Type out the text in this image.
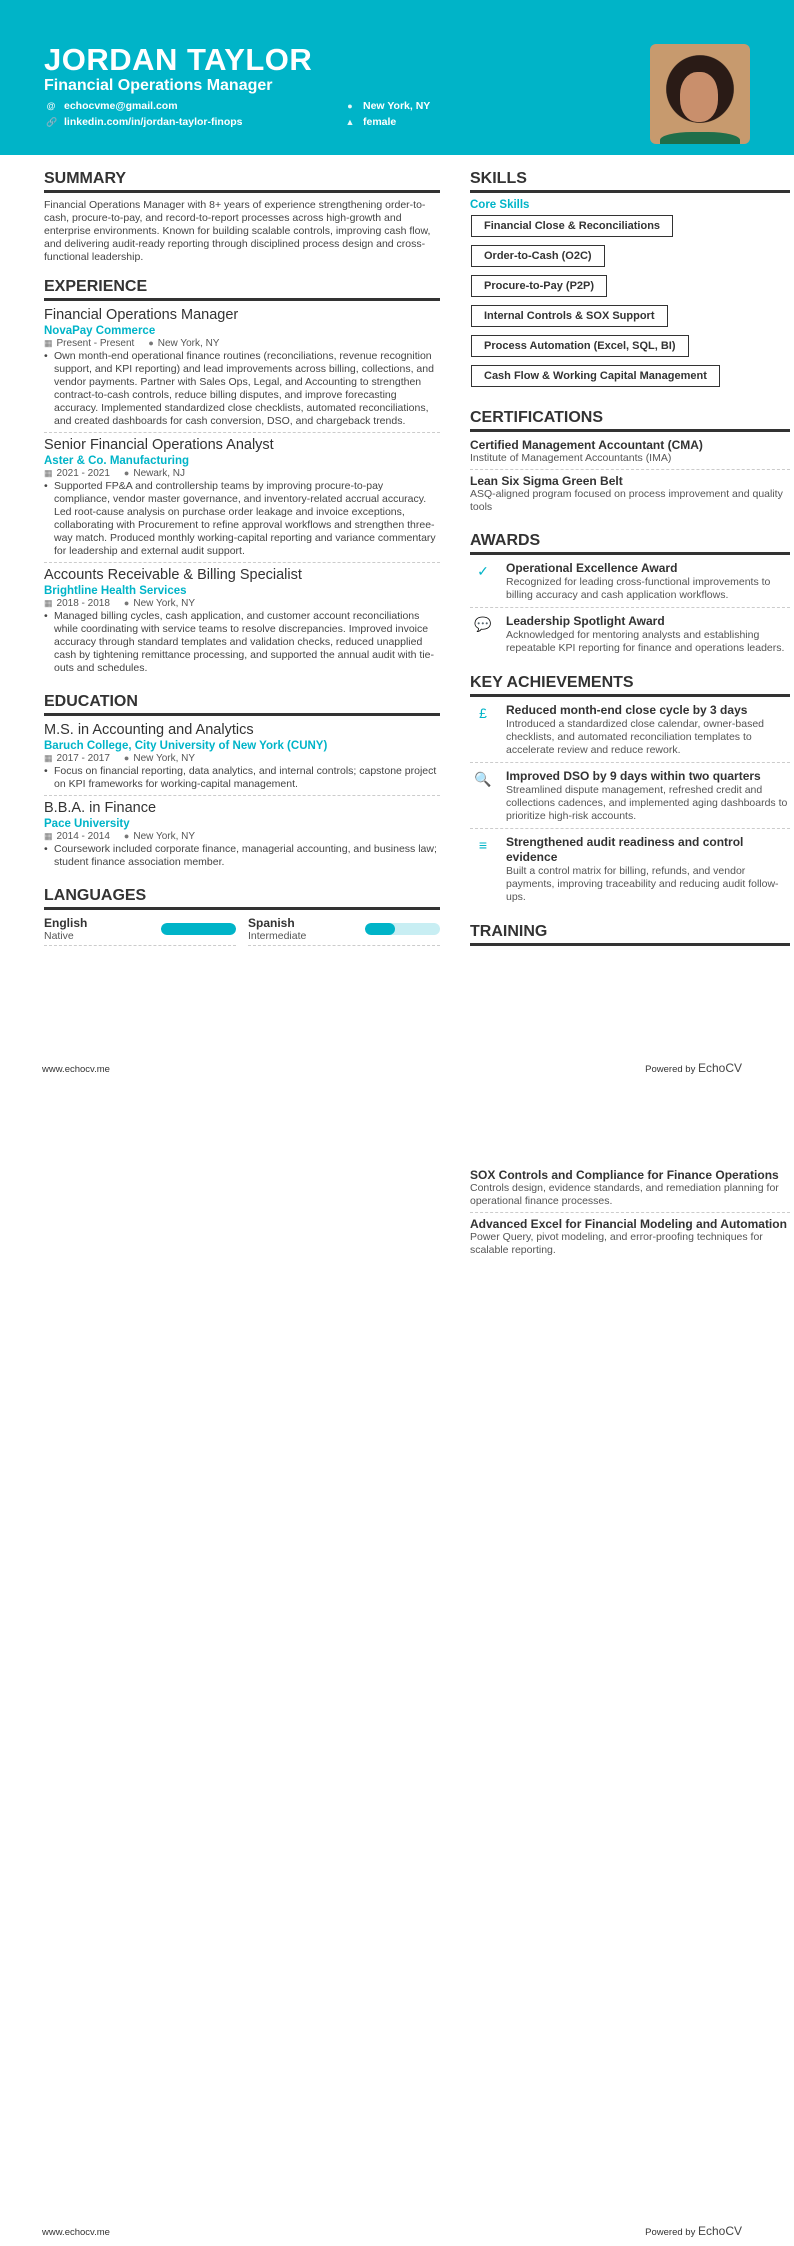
JORDAN TAYLOR
Financial Operations Manager
@ echocvme@gmail.com
🔗 linkedin.com/in/jordan-taylor-finops
● New York, NY
▲ female
SUMMARY
Financial Operations Manager with 8+ years of experience strengthening order-to-cash, procure-to-pay, and record-to-report processes across high-growth and enterprise environments. Known for building scalable controls, improving cash flow, and delivering audit-ready reporting through disciplined process design and cross-functional leadership.
EXPERIENCE
Financial Operations Manager
NovaPay Commerce
▦ Present - Present ● New York, NY
• Own month-end operational finance routines (reconciliations, revenue recognition support, and KPI reporting) and lead improvements across billing, collections, and vendor payments. Partner with Sales Ops, Legal, and Accounting to strengthen contract-to-cash controls, reduce billing disputes, and improve forecasting accuracy. Implemented standardized close checklists, automated reconciliations, and created dashboards for cash conversion, DSO, and chargeback trends.
Senior Financial Operations Analyst
Aster & Co. Manufacturing
▦ 2021 - 2021 ● Newark, NJ
• Supported FP&A and controllership teams by improving procure-to-pay compliance, vendor master governance, and inventory-related accrual accuracy. Led root-cause analysis on purchase order leakage and invoice exceptions, collaborating with Procurement to refine approval workflows and strengthen three-way match. Produced monthly working-capital reporting and variance commentary for leadership and external audit support.
Accounts Receivable & Billing Specialist
Brightline Health Services
▦ 2018 - 2018 ● New York, NY
• Managed billing cycles, cash application, and customer account reconciliations while coordinating with service teams to resolve discrepancies. Improved invoice accuracy through standard templates and validation checks, reduced unapplied cash by tightening remittance processing, and supported the annual audit with tie-outs and schedules.
EDUCATION
M.S. in Accounting and Analytics
Baruch College, City University of New York (CUNY)
▦ 2017 - 2017 ● New York, NY
• Focus on financial reporting, data analytics, and internal controls; capstone project on KPI frameworks for working-capital management.
B.B.A. in Finance
Pace University
▦ 2014 - 2014 ● New York, NY
• Coursework included corporate finance, managerial accounting, and business law; student finance association member.
LANGUAGES
English
Native
Spanish
Intermediate
SKILLS
Core Skills
Financial Close & Reconciliations
Order-to-Cash (O2C)
Procure-to-Pay (P2P)
Internal Controls & SOX Support
Process Automation (Excel, SQL, BI)
Cash Flow & Working Capital Management
CERTIFICATIONS
Certified Management Accountant (CMA)
Institute of Management Accountants (IMA)
Lean Six Sigma Green Belt
ASQ-aligned program focused on process improvement and quality tools
AWARDS
✓	Operational Excellence Award
Recognized for leading cross-functional improvements to billing accuracy and cash application workflows.
💬	Leadership Spotlight Award
Acknowledged for mentoring analysts and establishing repeatable KPI reporting for finance and operations leaders.
KEY ACHIEVEMENTS
£	Reduced month-end close cycle by 3 days
Introduced a standardized close calendar, owner-based checklists, and automated reconciliation templates to accelerate review and reduce rework.
🔍	Improved DSO by 9 days within two quarters
Streamlined dispute management, refreshed credit and collections cadences, and implemented aging dashboards to prioritize high-risk accounts.
≡	Strengthened audit readiness and control evidence
Built a control matrix for billing, refunds, and vendor payments, improving traceability and reducing audit follow-ups.
TRAINING
www.echocv.me	Powered by EchoCV
SOX Controls and Compliance for Finance Operations
Controls design, evidence standards, and remediation planning for operational finance processes.
Advanced Excel for Financial Modeling and Automation
Power Query, pivot modeling, and error-proofing techniques for scalable reporting.
www.echocv.me	Powered by EchoCV
